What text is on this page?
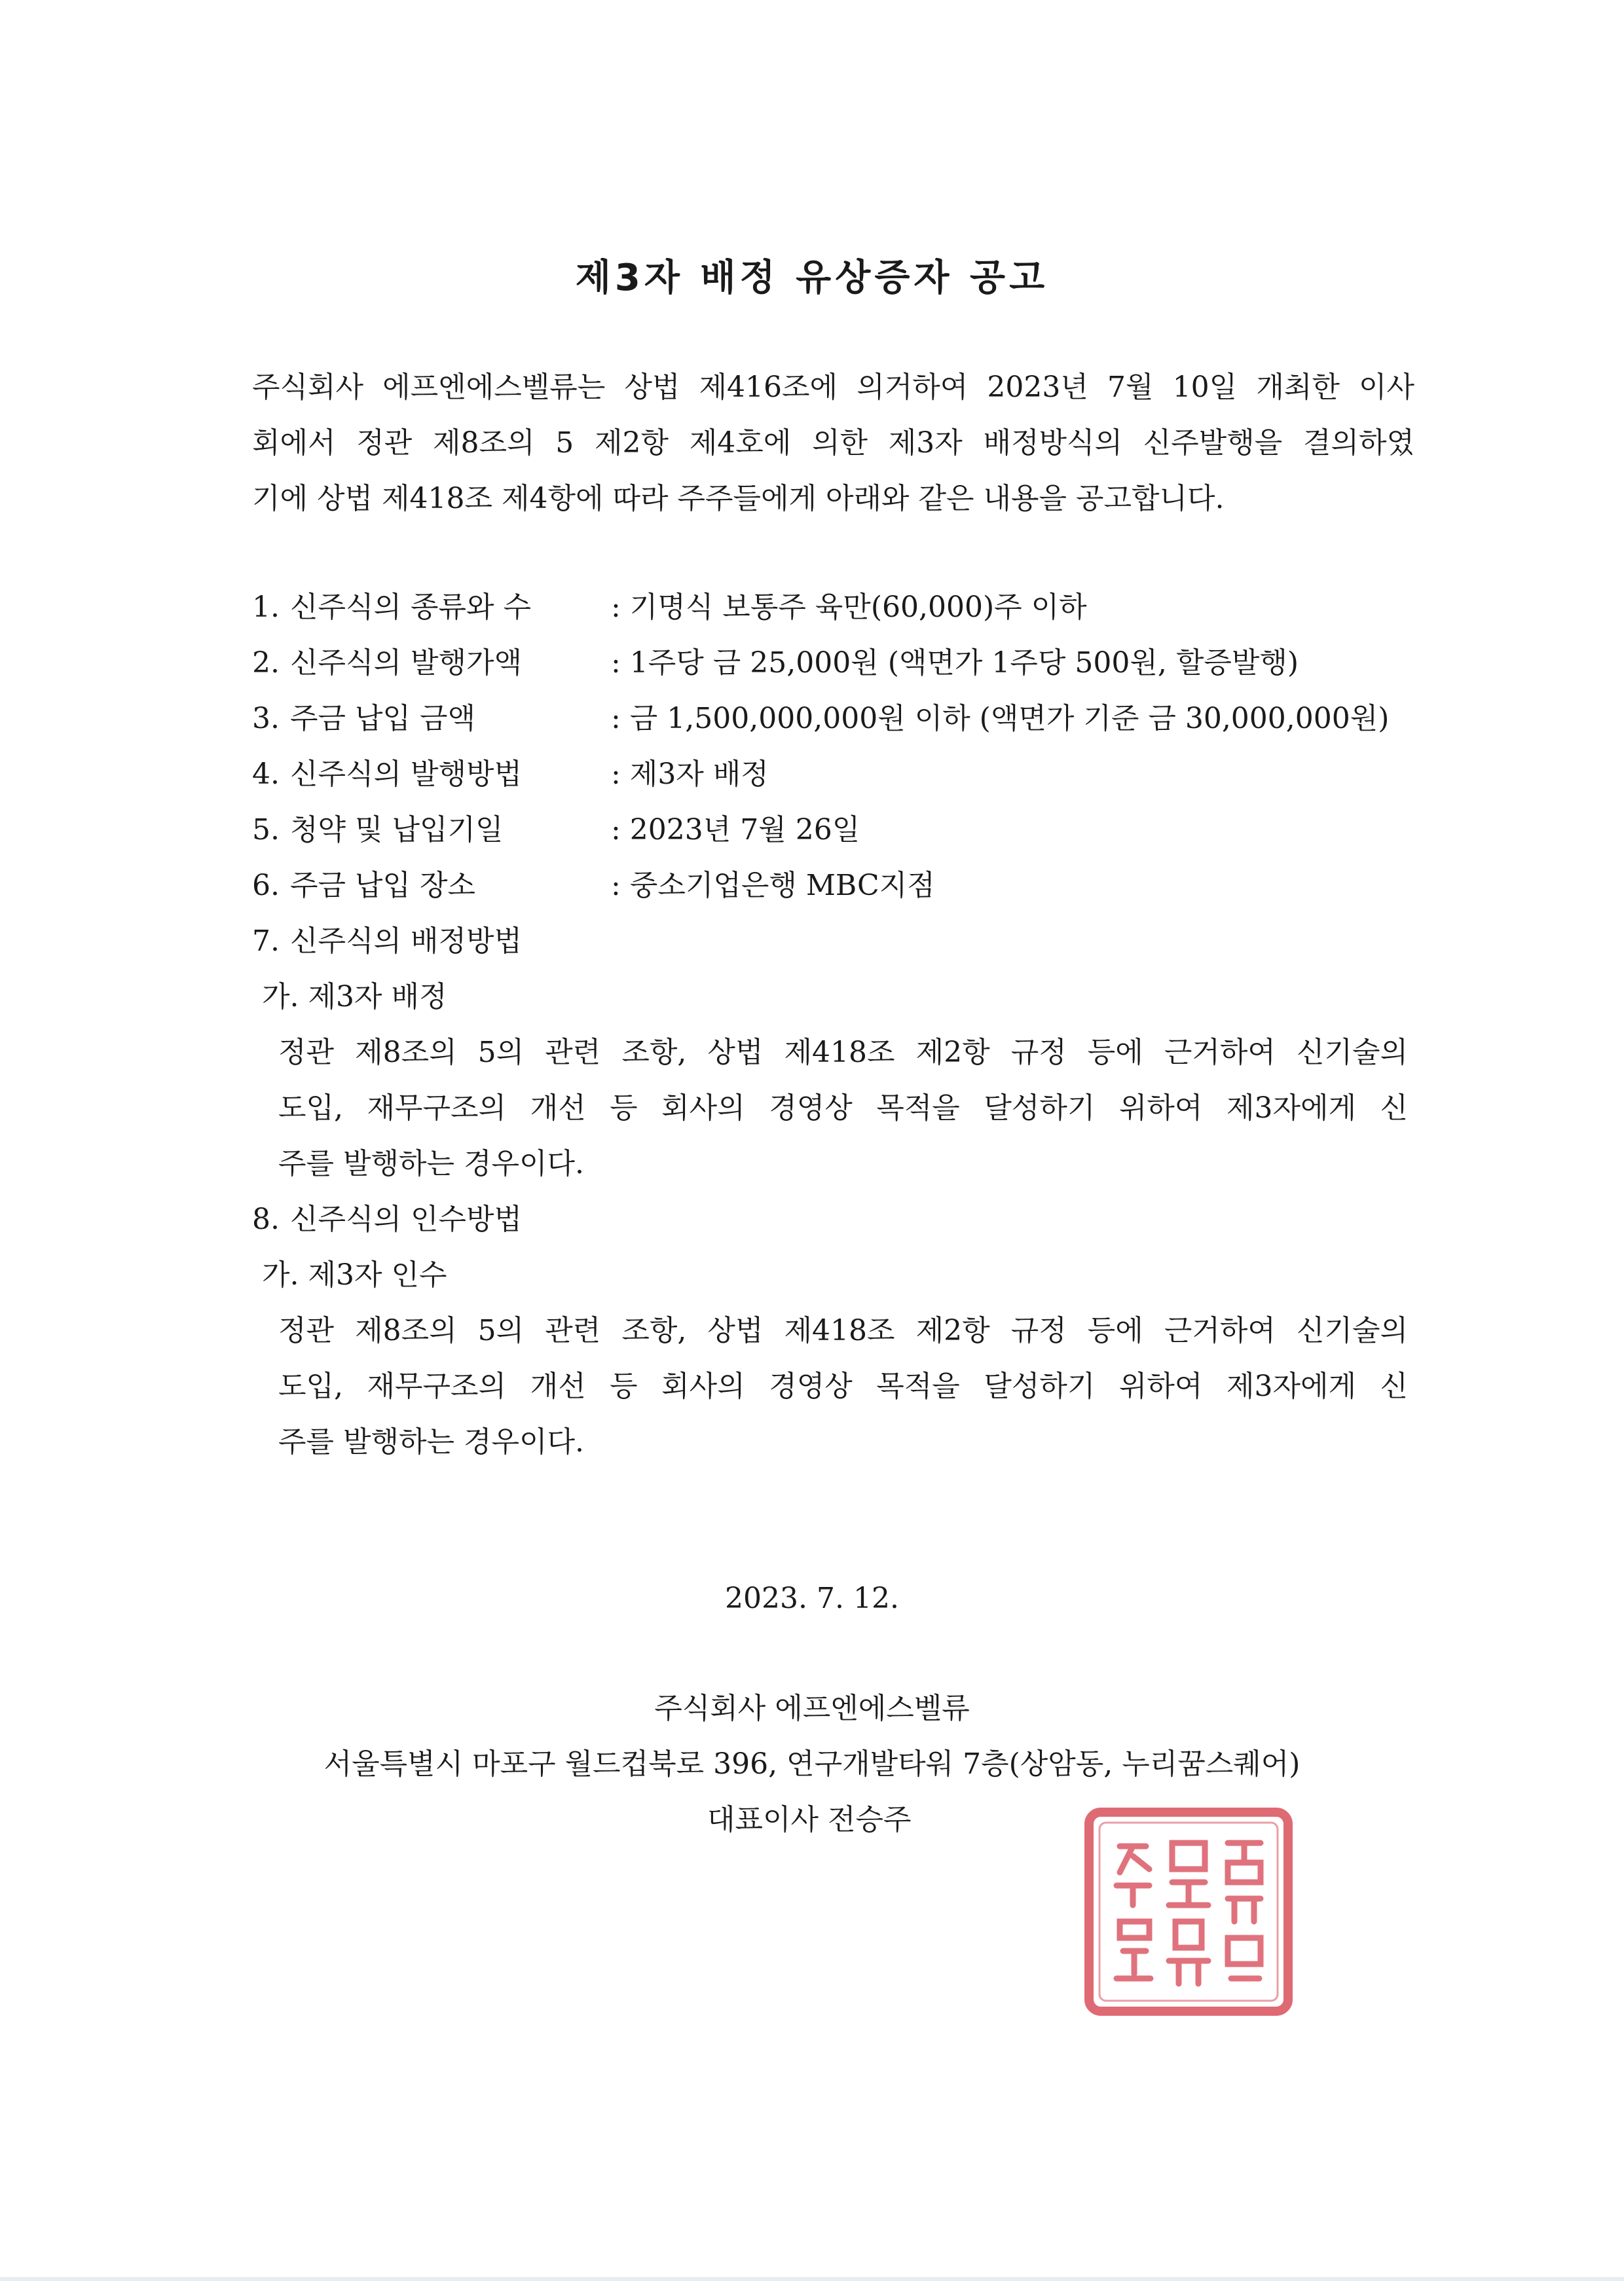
제3자 배정 유상증자 공고
주식회사 에프엔에스벨류는 상법 제416조에 의거하여 2023년 7월 10일 개최한 이사
회에서 정관 제8조의 5 제2항 제4호에 의한 제3자 배정방식의 신주발행을 결의하였
기에 상법 제418조 제4항에 따라 주주들에게 아래와 같은 내용을 공고합니다.
1. 신주식의 종류와 수	: 기명식 보통주 육만(60,000)주 이하
2. 신주식의 발행가액	: 1주당 금 25,000원 (액면가 1주당 500원, 할증발행)
3. 주금 납입 금액	: 금 1,500,000,000원 이하 (액면가 기준 금 30,000,000원)
4. 신주식의 발행방법	: 제3자 배정
5. 청약 및 납입기일	: 2023년 7월 26일
6. 주금 납입 장소	: 중소기업은행 MBC지점
7. 신주식의 배정방법
가. 제3자 배정
정관 제8조의 5의 관련 조항, 상법 제418조 제2항 규정 등에 근거하여 신기술의
도입, 재무구조의 개선 등 회사의 경영상 목적을 달성하기 위하여 제3자에게 신
주를 발행하는 경우이다.
8. 신주식의 인수방법
가. 제3자 인수
정관 제8조의 5의 관련 조항, 상법 제418조 제2항 규정 등에 근거하여 신기술의
도입, 재무구조의 개선 등 회사의 경영상 목적을 달성하기 위하여 제3자에게 신
주를 발행하는 경우이다.
2023. 7. 12.
주식회사 에프엔에스벨류
서울특별시 마포구 월드컵북로 396, 연구개발타워 7층(상암동, 누리꿈스퀘어)
대표이사 전승주
